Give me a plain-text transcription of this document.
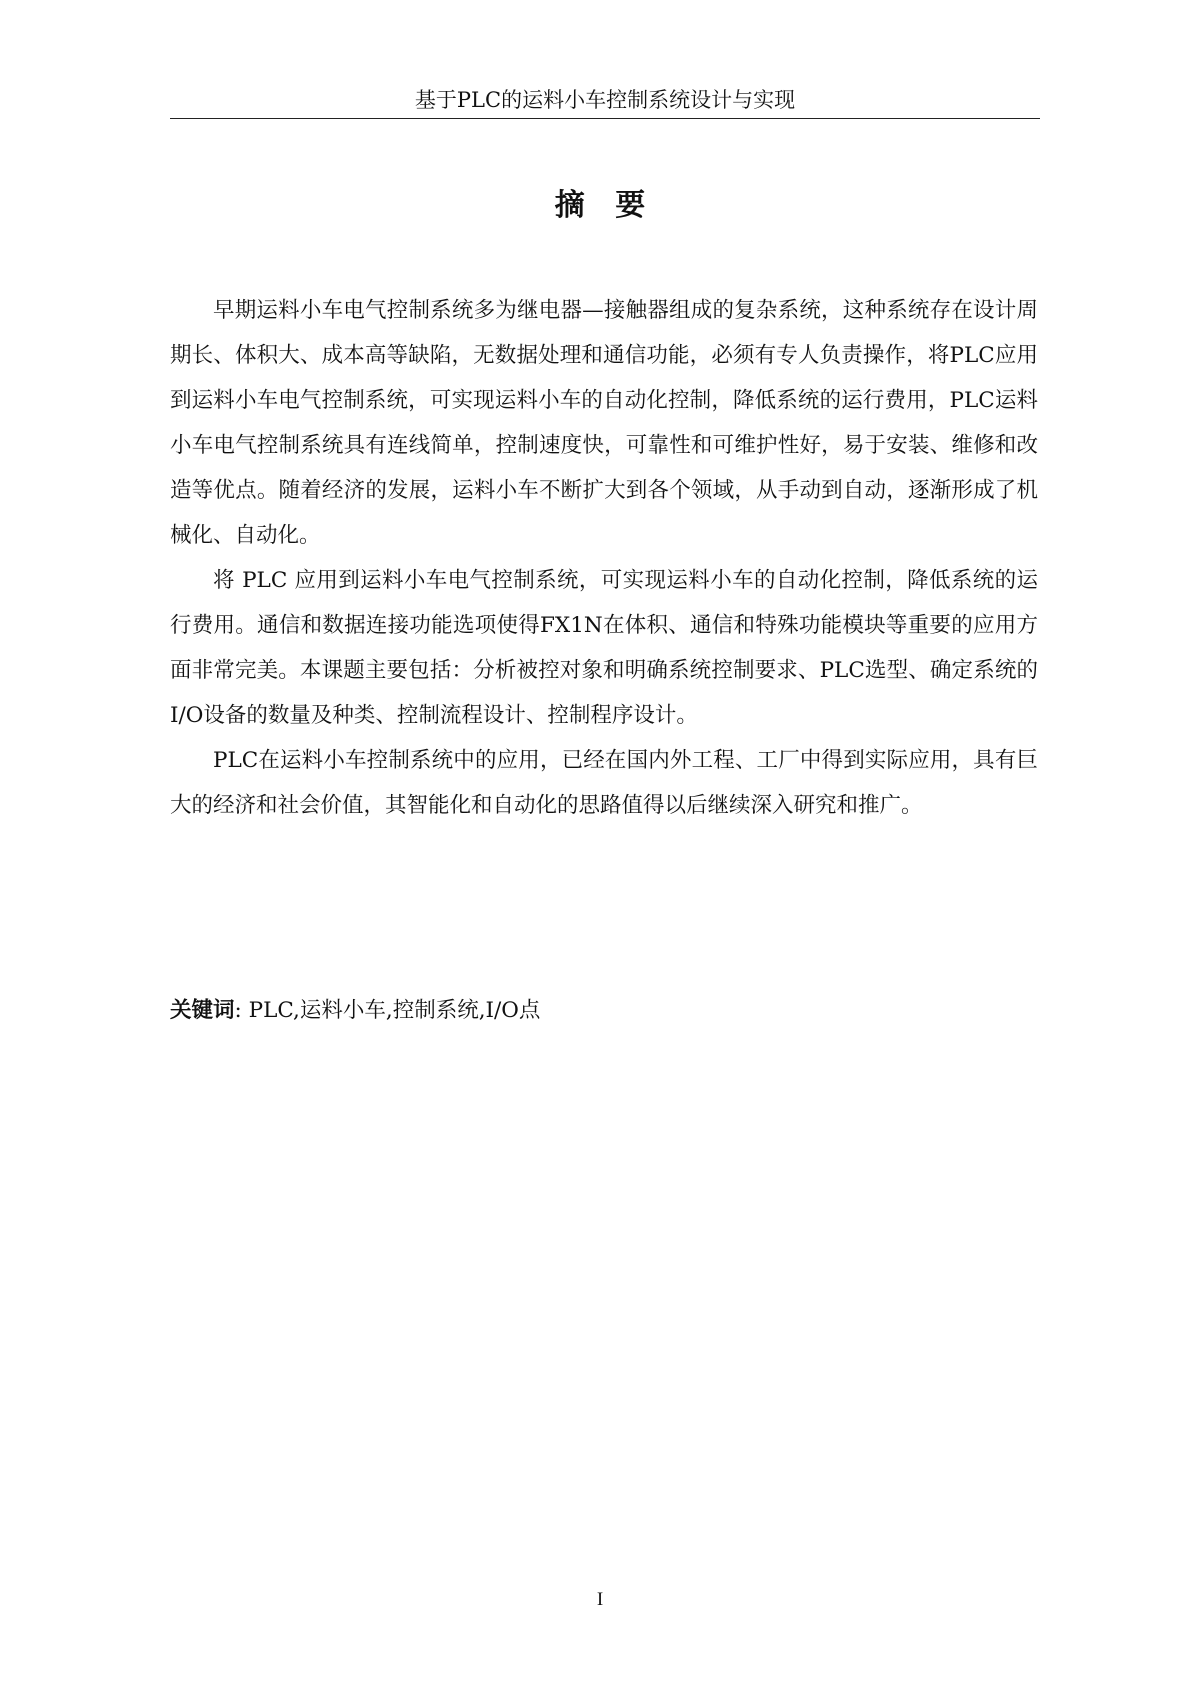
基于PLC的运料小车控制系统设计与实现
摘 要

早期运料小车电气控制系统多为继电器—接触器组成的复杂系统，这种系统存在设计周期长、体积大、成本高等缺陷，无数据处理和通信功能，必须有专人负责操作，将PLC应用到运料小车电气控制系统，可实现运料小车的自动化控制，降低系统的运行费用，PLC运料小车电气控制系统具有连线简单，控制速度快，可靠性和可维护性好，易于安装、维修和改造等优点。随着经济的发展，运料小车不断扩大到各个领域，从手动到自动，逐渐形成了机械化、自动化。

将 PLC 应用到运料小车电气控制系统，可实现运料小车的自动化控制，降低系统的运行费用。通信和数据连接功能选项使得FX1N在体积、通信和特殊功能模块等重要的应用方面非常完美。本课题主要包括：分析被控对象和明确系统控制要求、PLC选型、确定系统的I/O设备的数量及种类、控制流程设计、控制程序设计。

PLC在运料小车控制系统中的应用，已经在国内外工程、工厂中得到实际应用，具有巨大的经济和社会价值，其智能化和自动化的思路值得以后继续深入研究和推广。

关键词: PLC,运料小车,控制系统,I/O点
I
